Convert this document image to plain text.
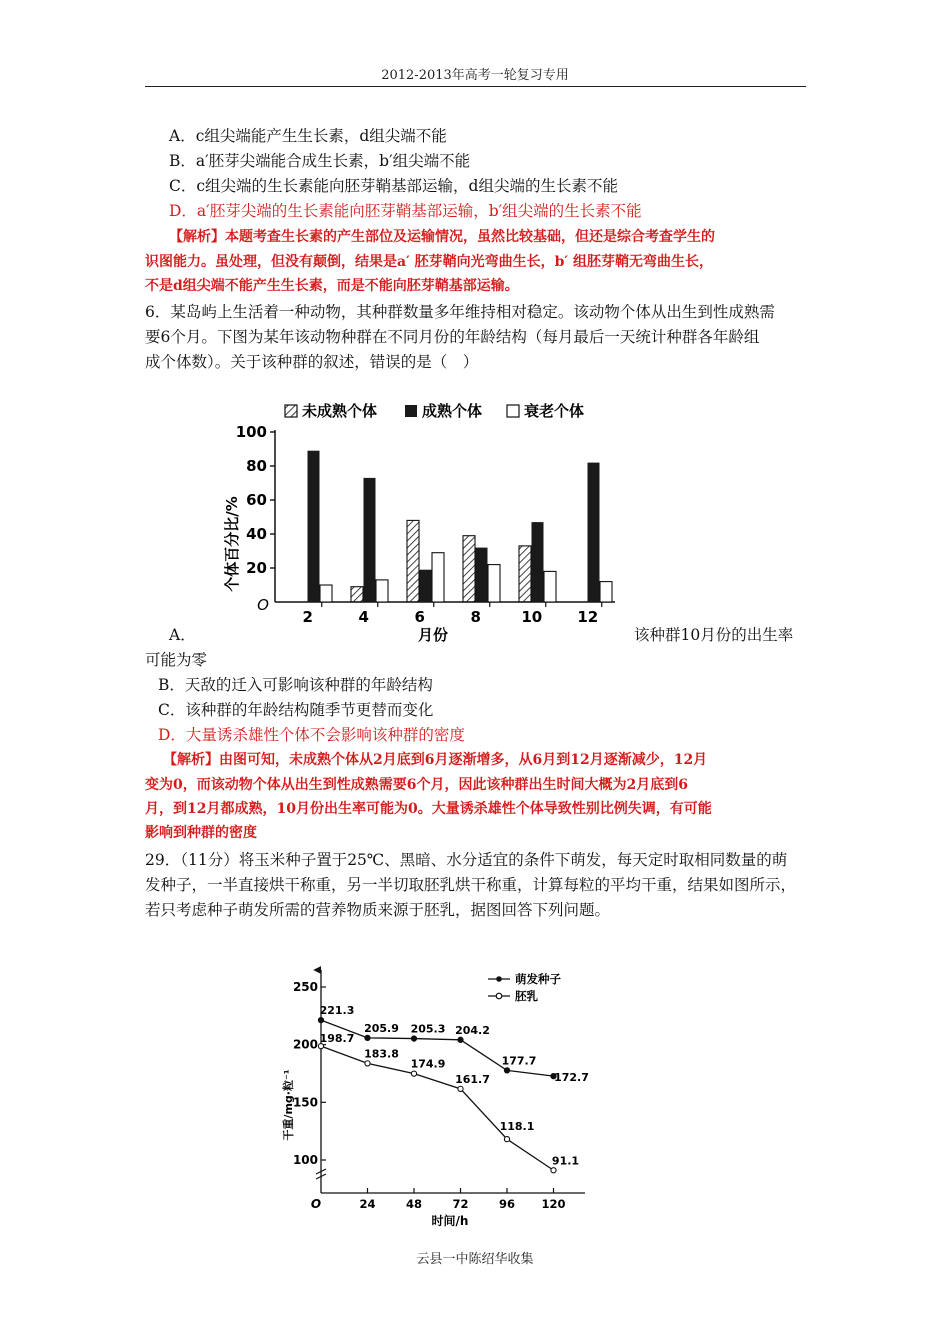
2012-2013年高考一轮复习专用
A．c组尖端能产生生长素，d组尖端不能
B．a′胚芽尖端能合成生长素，b′组尖端不能
C．c组尖端的生长素能向胚芽鞘基部运输，d组尖端的生长素不能
D．a′胚芽尖端的生长素能向胚芽鞘基部运输，b′组尖端的生长素不能
【解析】本题考查生长素的产生部位及运输情况，虽然比较基础，但还是综合考查学生的
识图能力。虽处理，但没有颠倒，结果是a′ 胚芽鞘向光弯曲生长，b′ 组胚芽鞘无弯曲生长，
不是d组尖端不能产生生长素，而是不能向胚芽鞘基部运输。
6．某岛屿上生活着一种动物，其种群数量多年维持相对稳定。该动物个体从出生到性成熟需
要6个月。下图为某年该动物种群在不同月份的年龄结构（每月最后一天统计种群各年龄组
成个体数）。关于该种群的叙述，错误的是（　）
未成熟个体	成熟个体	衰老个体
个体百分比/%
O
月份
20
40
60
80
100
2	4	6	8	10 12
A．	该种群10月份的出生率
可能为零
B．天敌的迁入可影响该种群的年龄结构
C．该种群的年龄结构随季节更替而变化
D．大量诱杀雄性个体不会影响该种群的密度
【解析】由图可知，未成熟个体从2月底到6月逐渐增多，从6月到12月逐渐减少，12月
变为0，而该动物个体从出生到性成熟需要6个月，因此该种群出生时间大概为2月底到6
月，到12月都成熟，10月份出生率可能为0。大量诱杀雄性个体导致性别比例失调，有可能
影响到种群的密度
29．（11分）将玉米种子置于25℃、黑暗、水分适宜的条件下萌发，每天定时取相同数量的萌
发种子，一半直接烘干称重，另一半切取胚乳烘干称重，计算每粒的平均干重，结果如图所示，
若只考虑种子萌发所需的营养物质来源于胚乳，据图回答下列问题。
萌发种子
胚乳
干重/mg·粒⁻¹
O
时间/h
100
150
200
250
24	48	72	96 120
221.3
205.9 205.3 204.2
177.7
172.7
198.7
183.8
174.9
161.7
118.1
91.1
云县一中陈绍华收集
